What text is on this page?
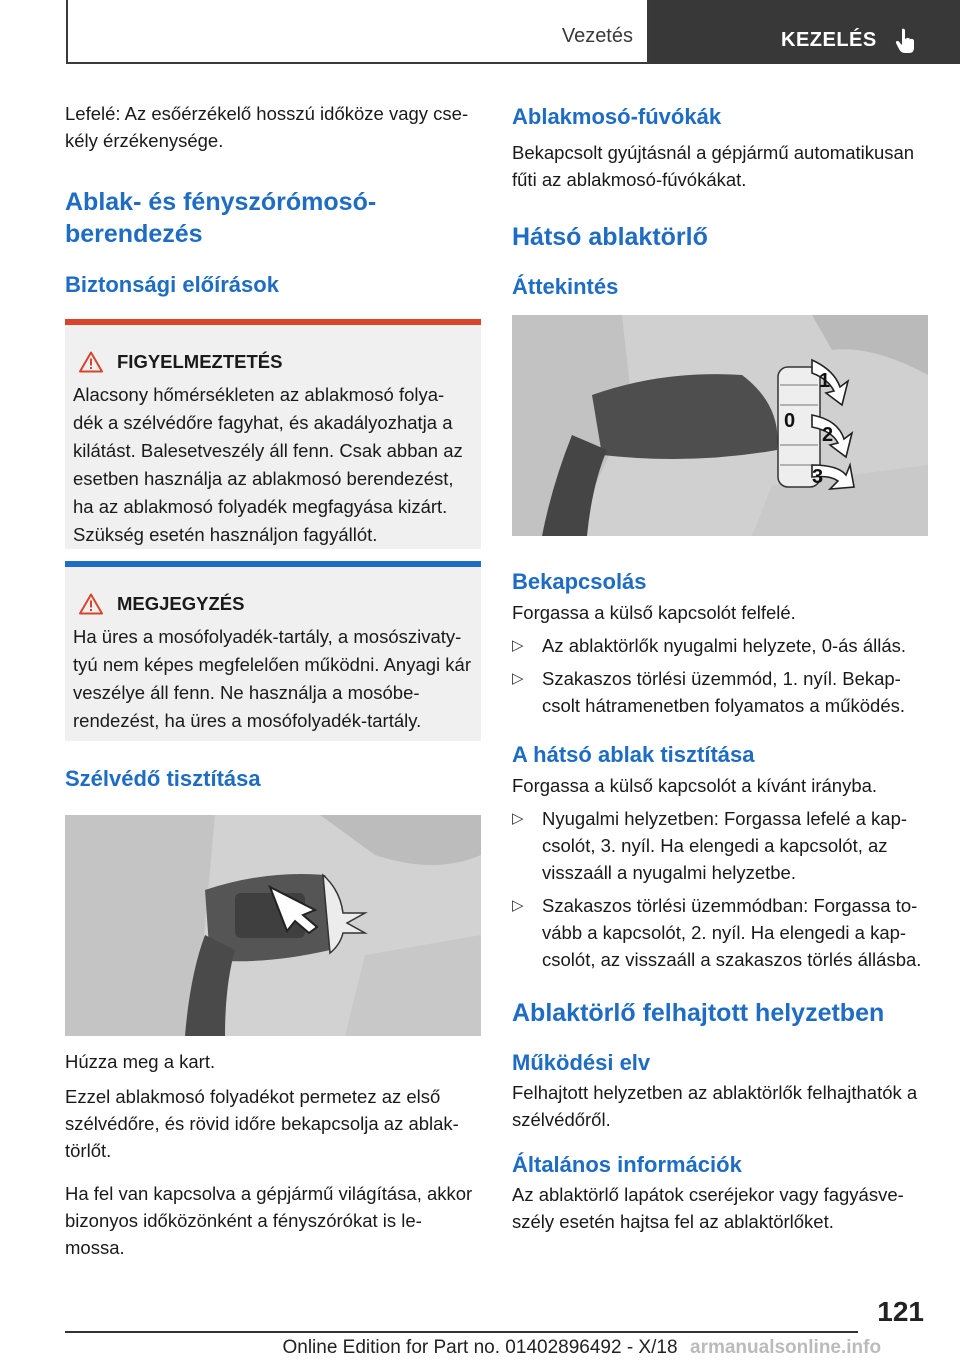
Vezetés	KEZELÉS

Lefelé: Az esőérzékelő hosszú időköze vagy cse-kély érzékenysége.

Ablak- és fényszórómosó-berendezés
Biztonsági előírások
FIGYELMEZTETÉS

Alacsony hőmérsékleten az ablakmosó folya-dék a szélvédőre fagyhat, és akadályozhatja a kilátást. Balesetveszély áll fenn. Csak abban az esetben használja az ablakmosó berendezést, ha az ablakmosó folyadék megfagyása kizárt. Szükség esetén használjon fagyállót.

MEGJEGYZÉS

Ha üres a mosófolyadék-tartály, a mosószivaty-tyú nem képes megfelelően működni. Anyagi kár veszélye áll fenn. Ne használja a mosóbe-rendezést, ha üres a mosófolyadék-tartály.

Szélvédő tisztítása

Húzza meg a kart.

Ezzel ablakmosó folyadékot permetez az első szélvédőre, és rövid időre bekapcsolja az ablak-törlőt.

Ha fel van kapcsolva a gépjármű világítása, akkor bizonyos időközönként a fényszórókat is le-mossa.

Ablakmosó-fúvókák

Bekapcsolt gyújtásnál a gépjármű automatikusan fűti az ablakmosó-fúvókákat.

Hátsó ablaktörlő
Áttekintés
1
0
2
3
Bekapcsolás

Forgassa a külső kapcsolót felfelé.

▷ Az ablaktörlők nyugalmi helyzete, 0-ás állás.
▷ Szakaszos törlési üzemmód, 1. nyíl. Bekap-csolt hátramenetben folyamatos a működés.
A hátsó ablak tisztítása

Forgassa a külső kapcsolót a kívánt irányba.

▷ Nyugalmi helyzetben: Forgassa lefelé a kap-csolót, 3. nyíl. Ha elengedi a kapcsolót, az visszaáll a nyugalmi helyzetbe.
▷ Szakaszos törlési üzemmódban: Forgassa to-vább a kapcsolót, 2. nyíl. Ha elengedi a kap-csolót, az visszaáll a szakaszos törlés állásba.
Ablaktörlő felhajtott helyzetben
Működési elv

Felhajtott helyzetben az ablaktörlők felhajthatók a szélvédőről.

Általános információk

Az ablaktörlő lapátok cseréjekor vagy fagyásve-szély esetén hajtsa fel az ablaktörlőket.

121
Online Edition for Part no. 01402896492 - X/18 armanualsonline.info
